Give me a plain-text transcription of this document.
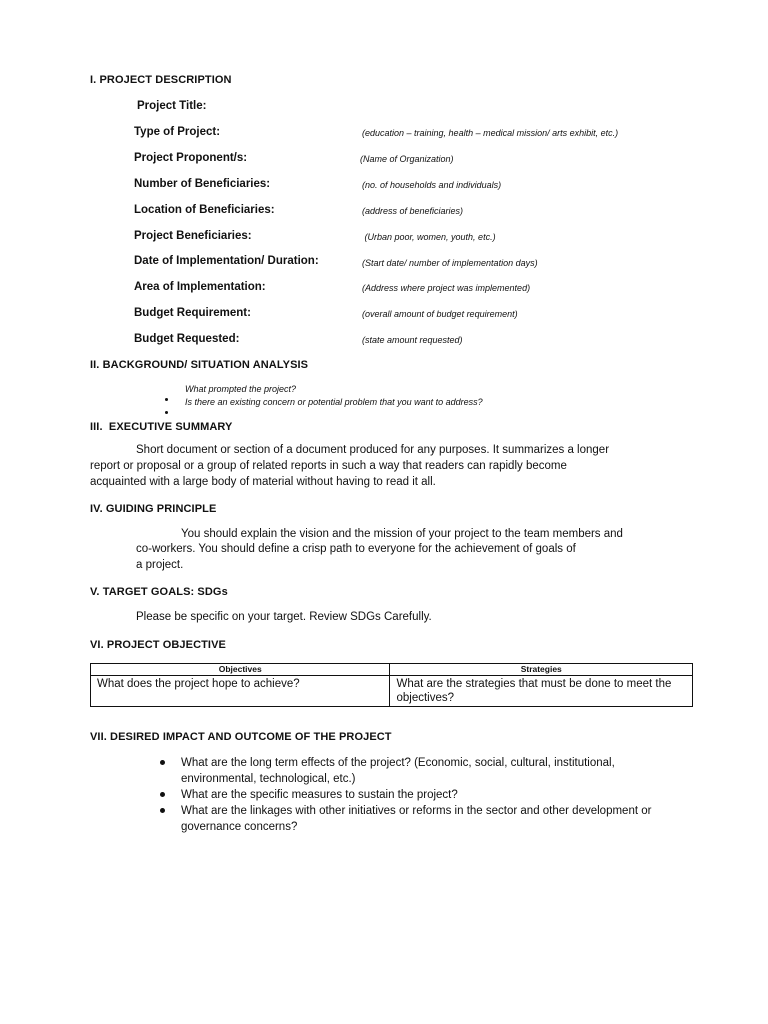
I. PROJECT DESCRIPTION
Project Title:
Type of Project:	(education – training, health – medical mission/ arts exhibit, etc.)
Project Proponent/s:	(Name of Organization)
Number of Beneficiaries:	(no. of households and individuals)
Location of Beneficiaries:	(address of beneficiaries)
Project Beneficiaries:	(Urban poor, women, youth, etc.)
Date of Implementation/ Duration:	(Start date/ number of implementation days)
Area of Implementation:	(Address where project was implemented)
Budget Requirement:	(overall amount of budget requirement)
Budget Requested:	(state amount requested)
II. BACKGROUND/ SITUATION ANALYSIS
What prompted the project?
Is there an existing concern or potential problem that you want to address?
III.  EXECUTIVE SUMMARY
Short document or section of a document produced for any purposes. It summarizes a longer
report or proposal or a group of related reports in such a way that readers can rapidly become
acquainted with a large body of material without having to read it all.
IV. GUIDING PRINCIPLE
You should explain the vision and the mission of your project to the team members and
co-workers. You should define a crisp path to everyone for the achievement of goals of
a project.
V. TARGET GOALS: SDGs
Please be specific on your target. Review SDGs Carefully.
VI. PROJECT OBJECTIVE
Objectives	Strategies
What does the project hope to achieve?	What are the strategies that must be done to meet the objectives?
VII. DESIRED IMPACT AND OUTCOME OF THE PROJECT
What are the long term effects of the project? (Economic, social, cultural, institutional, environmental, technological, etc.)
What are the specific measures to sustain the project?
What are the linkages with other initiatives or reforms in the sector and other development or governance concerns?
